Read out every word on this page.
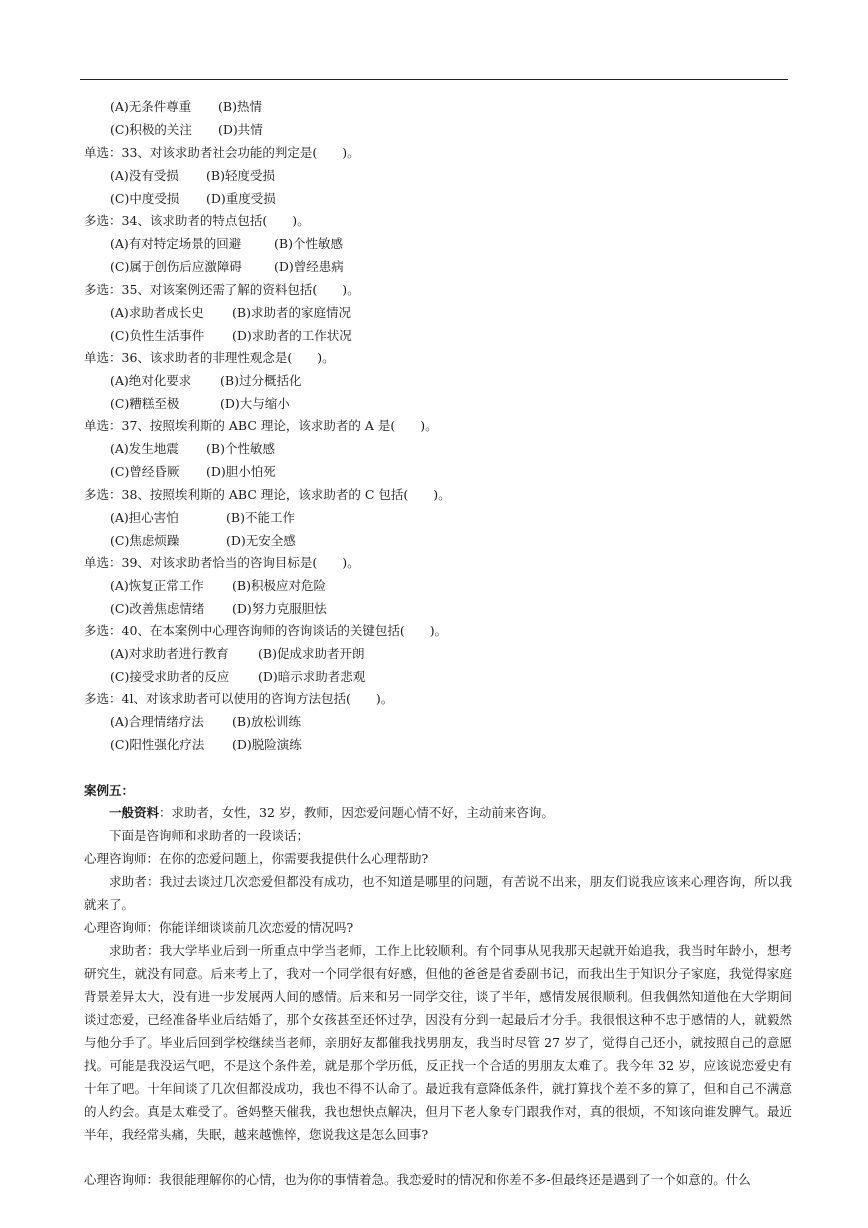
(A)无条件尊重 (B)热情
(C)积极的关注 (D)共情
单选：33、对该求助者社会功能的判定是(　　)。
(A)没有受损 (B)轻度受损
(C)中度受损 (D)重度受损
多选：34、该求助者的特点包括(　　)。
(A)有对特定场景的回避	(B)个性敏感
(C)属于创伤后应激障碍	(D)曾经患病
多选：35、对该案例还需了解的资料包括(　　)。
(A)求助者成长史 (B)求助者的家庭情况
(C)负性生活事件 (D)求助者的工作状况
单选：36、该求助者的非理性观念是(　　)。
(A)绝对化要求 (B)过分概括化
(C)糟糕至极	(D)大与缩小
单选：37、按照埃利斯的 ABC 理论，该求助者的 A 是(　　)。
(A)发生地震 (B)个性敏感
(C)曾经昏厥 (D)胆小怕死
多选：38、按照埃利斯的 ABC 理论，该求助者的 C 包括(　　)。
(A)担心害怕	(B)不能工作
(C)焦虑烦躁	(D)无安全感
单选：39、对该求助者恰当的咨询目标是(　　)。
(A)恢复正常工作 (B)积极应对危险
(C)改善焦虑情绪 (D)努力克服胆怯
多选：40、在本案例中心理咨询师的咨询谈话的关键包括(　　)。
(A)对求助者进行教育 (B)促成求助者开朗
(C)接受求助者的反应 (D)暗示求助者悲观
多选：4l、对该求助者可以使用的咨询方法包括(　　)。
(A)合理情绪疗法 (B)放松训练
(C)阳性强化疗法 (D)脱险演练
案例五：
一般资料：求助者，女性，32 岁，教师，因恋爱问题心情不好，主动前来咨询。
下面是咨询师和求助者的一段谈话；
心理咨询师：在你的恋爱问题上，你需要我提供什么心理帮助?
求助者：我过去谈过几次恋爱但都没有成功，也不知道是哪里的问题，有苦说不出来，朋友们说我应该来心理咨询，所以我就来了。
心理咨询师：你能详细谈谈前几次恋爱的情况吗?
求助者：我大学毕业后到一所重点中学当老师，工作上比较顺利。有个同事从见我那天起就开始追我，我当时年龄小，想考研究生，就没有同意。后来考上了，我对一个同学很有好感，但他的爸爸是省委副书记，而我出生于知识分子家庭，我觉得家庭背景差异太大，没有进一步发展两人间的感情。后来和另一同学交往，谈了半年，感情发展很顺利。但我偶然知道他在大学期间谈过恋爱，已经准备毕业后结婚了，那个女孩甚至还怀过孕，因没有分到一起最后才分手。我很恨这种不忠于感情的人，就毅然与他分手了。毕业后回到学校继续当老师，亲朋好友都催我找男朋友，我当时尽管 27 岁了，觉得自己还小，就按照自己的意愿找。可能是我没运气吧，不是这个条件差，就是那个学历低，反正找一个合适的男朋友太难了。我今年 32 岁，应该说恋爱史有十年了吧。十年间谈了几次但都没成功，我也不得不认命了。最近我有意降低条件，就打算找个差不多的算了，但和自己不满意的人约会。真是太难受了。爸妈整天催我，我也想快点解决，但月下老人象专门跟我作对，真的很烦，不知该向谁发脾气。最近半年，我经常头痛，失眠，越来越憔悴，您说我这是怎么回事?
心理咨询师：我很能理解你的心情，也为你的事情着急。我恋爱时的情况和你差不多-但最终还是遇到了一个如意的。什么
